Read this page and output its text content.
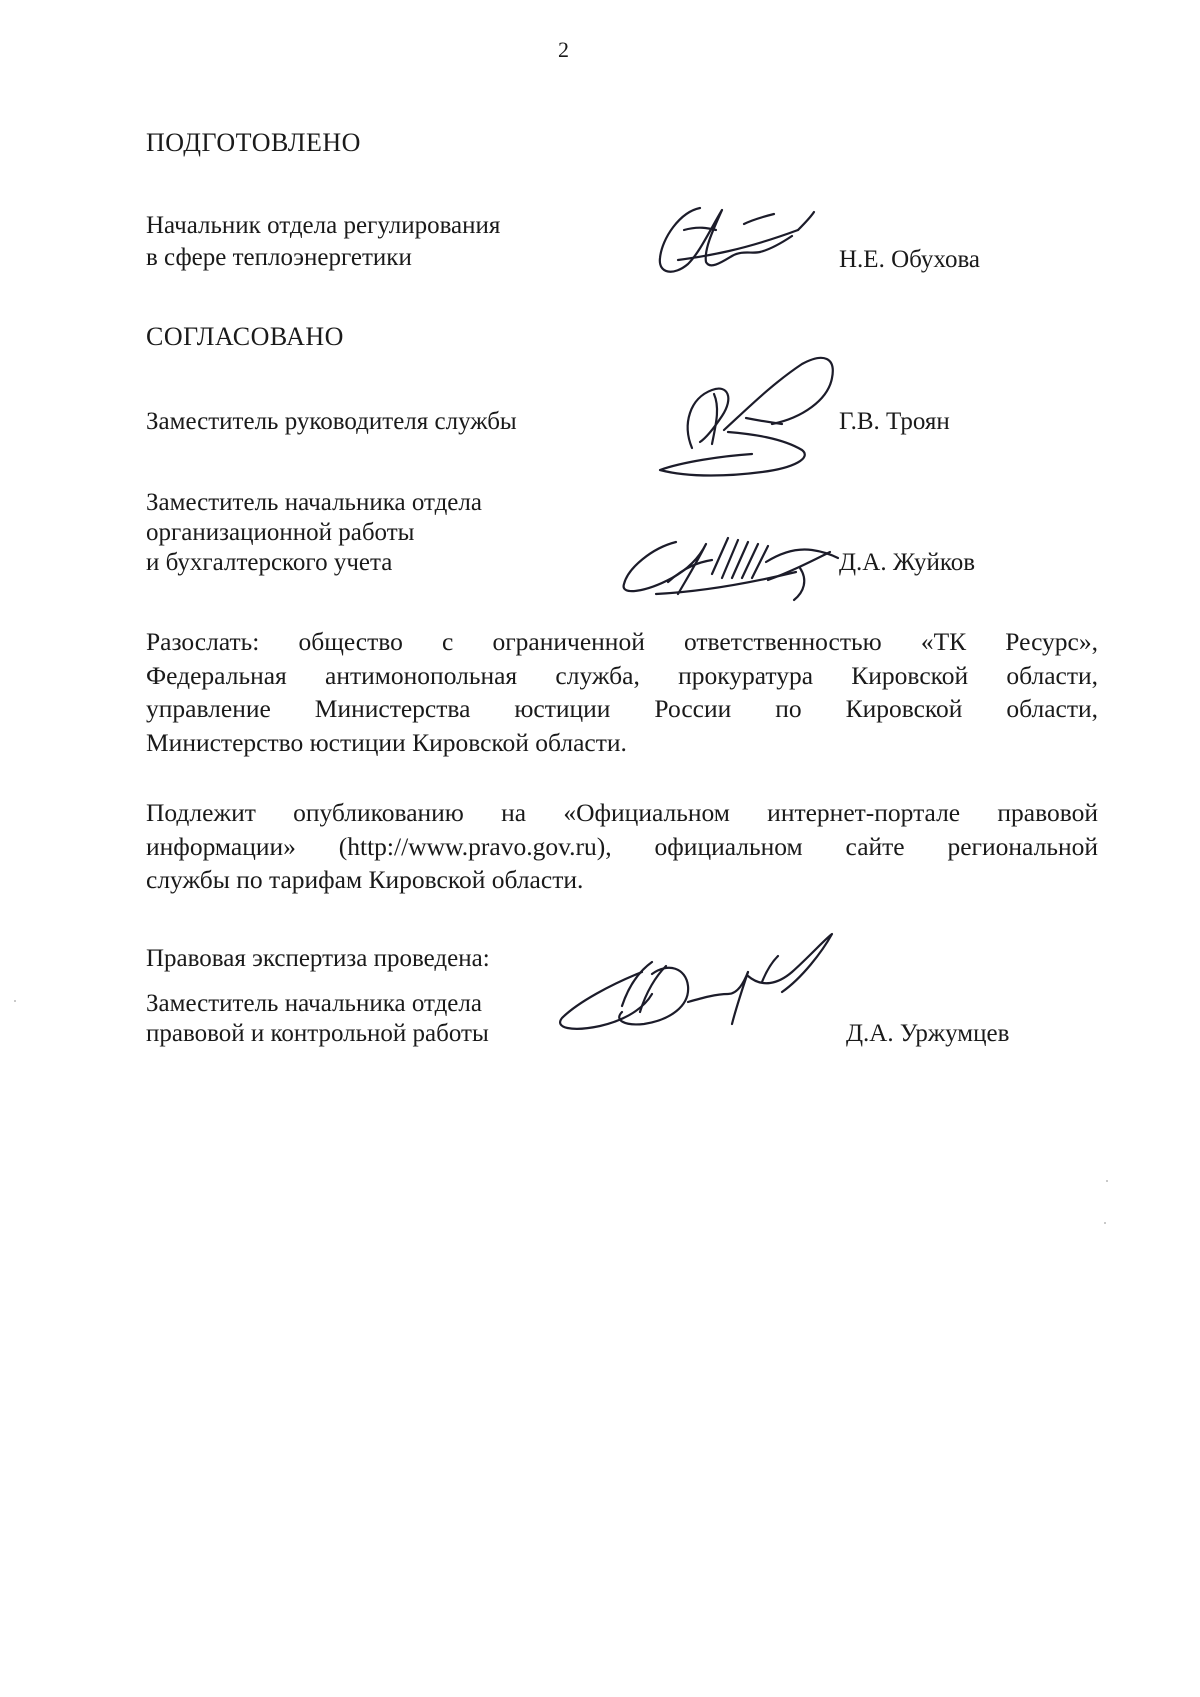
2
ПОДГОТОВЛЕНО
Начальник отдела регулирования
в сфере теплоэнергетики	Н.Е. Обухова
СОГЛАСОВАНО
Заместитель руководителя службы	Г.В. Троян
Заместитель начальника отдела
организационной работы
и бухгалтерского учета	Д.А. Жуйков
Разослать: общество с ограниченной ответственностью «ТК Ресурс»,
Федеральная антимонопольная служба, прокуратура Кировской области,
управление Министерства юстиции России по Кировской области,
Министерство юстиции Кировской области.
Подлежит опубликованию на «Официальном интернет-портале правовой
информации» (http://www.pravo.gov.ru), официальном сайте региональной
службы по тарифам Кировской области.
Правовая экспертиза проведена:
Заместитель начальника отдела
правовой и контрольной работы	Д.А. Уржумцев
